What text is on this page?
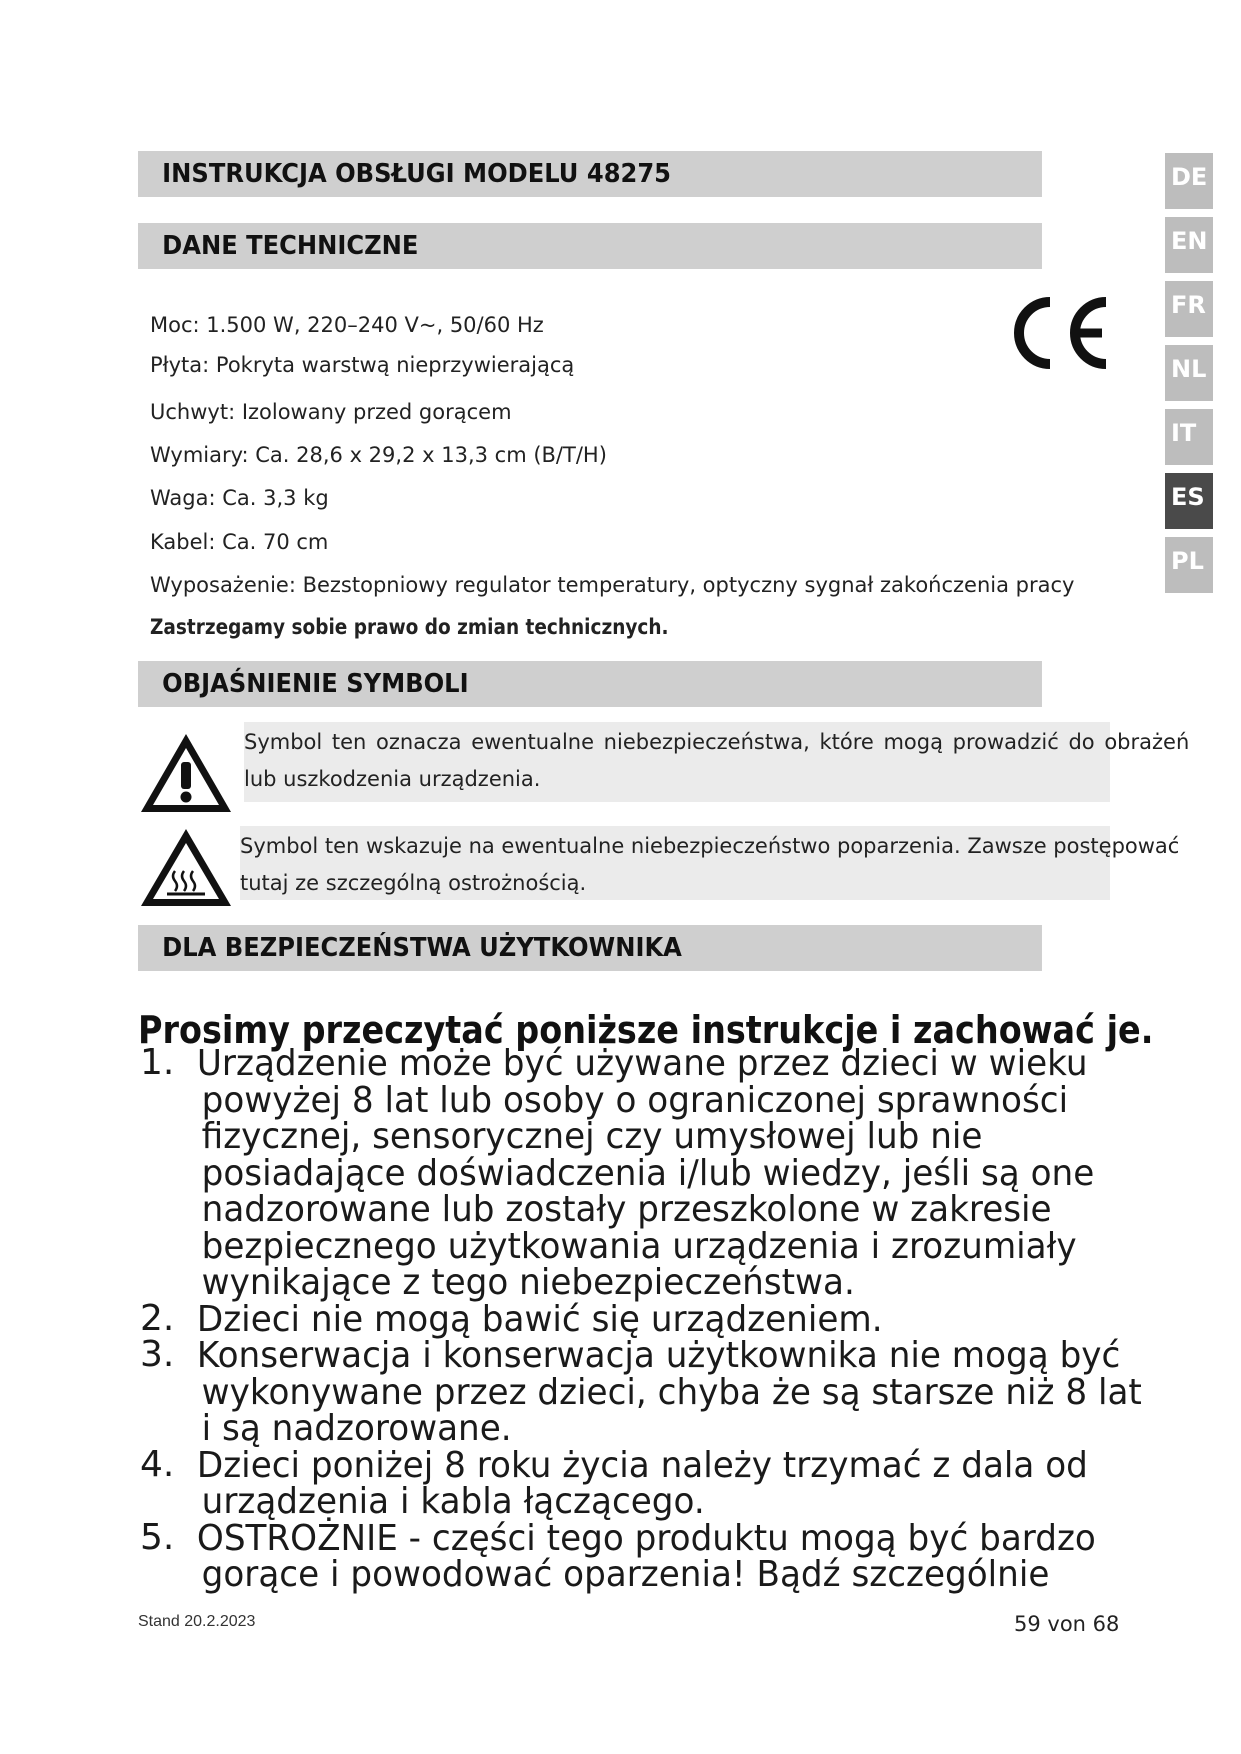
INSTRUKCJA OBSŁUGI MODELU 48275
DANE TECHNICZNE
Moc: 1.500 W, 220–240 V~, 50/60 Hz
Płyta: Pokryta warstwą nieprzywierającą
Uchwyt: Izolowany przed gorącem
Wymiary: Ca. 28,6 x 29,2 x 13,3 cm (B/T/H)
Waga: Ca. 3,3 kg
Kabel: Ca. 70 cm
Wyposażenie: Bezstopniowy regulator temperatury, optyczny sygnał zakończenia pracy
Zastrzegamy sobie prawo do zmian technicznych.
DE
EN
FR
NL
IT
ES
PL
OBJAŚNIENIE SYMBOLI
Symbol ten oznacza ewentualne niebezpieczeństwa, które mogą prowadzić do obrażeń
lub uszkodzenia urządzenia.
Symbol ten wskazuje na ewentualne niebezpieczeństwo poparzenia. Zawsze postępować
tutaj ze szczególną ostrożnością.
DLA BEZPIECZEŃSTWA UŻYTKOWNIKA
Prosimy przeczytać poniższe instrukcje i zachować je.
1. Urządzenie może być używane przez dzieci w wieku
powyżej 8 lat lub osoby o ograniczonej sprawności
fizycznej, sensorycznej czy umysłowej lub nie
posiadające doświadczenia i/lub wiedzy, jeśli są one
nadzorowane lub zostały przeszkolone w zakresie
bezpiecznego użytkowania urządzenia i zrozumiały
wynikające z tego niebezpieczeństwa.
2. Dzieci nie mogą bawić się urządzeniem.
3. Konserwacja i konserwacja użytkownika nie mogą być
wykonywane przez dzieci, chyba że są starsze niż 8 lat
i są nadzorowane.
4. Dzieci poniżej 8 roku życia należy trzymać z dala od
urządzenia i kabla łączącego.
5. OSTROŻNIE - części tego produktu mogą być bardzo
gorące i powodować oparzenia! Bądź szczególnie
Stand 20.2.2023	59 von 68
